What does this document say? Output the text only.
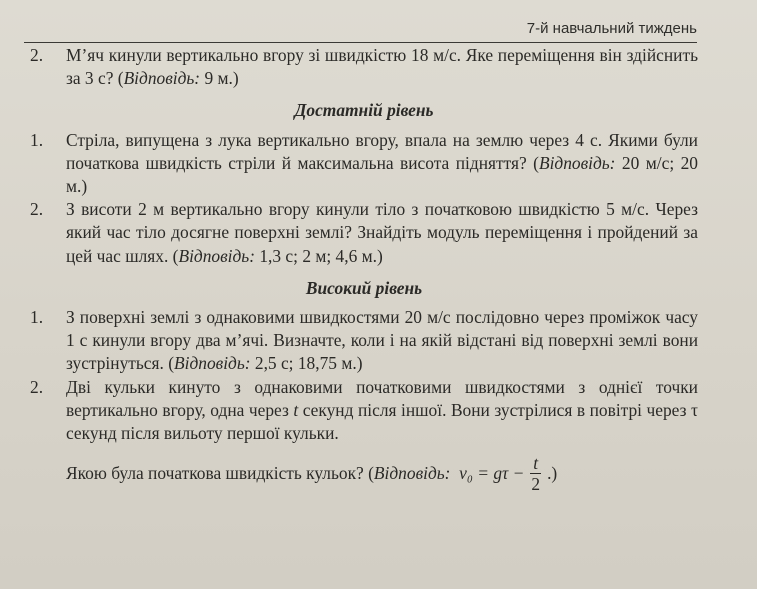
7-й навчальний тиждень
2.	М’яч кинули вертикально вгору зі швидкістю 18 м/с. Яке переміщення він здійснить за 3 с? (Відповідь: 9 м.)
Достатній рівень
1.	Стріла, випущена з лука вертикально вгору, впала на землю через 4 с. Якими були початкова швидкість стріли й максимальна висота підняття? (Відповідь: 20 м/с; 20 м.)
2.	З висоти 2 м вертикально вгору кинули тіло з початковою швидкістю 5 м/с. Через який час тіло досягне поверхні землі? Знайдіть модуль переміщення і пройдений за цей час шлях. (Відповідь: 1,3 с; 2 м; 4,6 м.)
Високий рівень
1.	З поверхні землі з однаковими швидкостями 20 м/с послідовно через проміжок часу 1 с кинули вгору два м’ячі. Визначте, коли і на якій відстані від поверхні землі вони зустрінуться. (Відповідь: 2,5 с; 18,75 м.)
2.	Дві кульки кинуто з однаковими початковими швидкостями з однієї точки вертикально вгору, одна через t секунд після іншої. Вони зустрілися в повітрі через τ секунд після вильоту першої кульки.
Якою була початкова швидкість кульок? ( Відповідь:
$v_0 = g\tau - \frac{t}{2}$ .)
